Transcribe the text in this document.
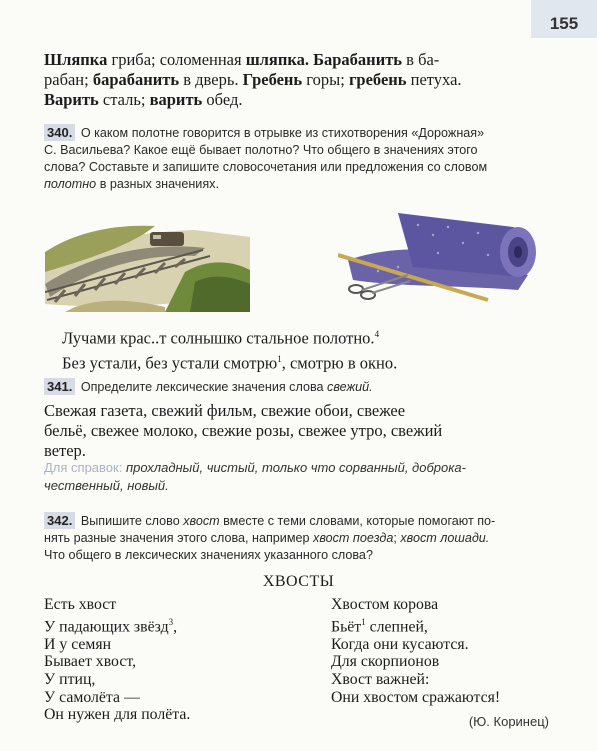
155
Шляпка гриба; соломенная шляпка. Барабанить в ба-
рабан; барабанить в дверь. Гребень горы; гребень петуха.
Варить сталь; варить обед.
340. О каком полотне говорится в отрывке из стихотворения «Дорожная»
С. Васильева? Какое ещё бывает полотно? Что общего в значениях этого
слова? Составьте и запишите словосочетания или предложения со словом
полотно в разных значениях.
Лучами крас..т солнышко стальное полотно.$^4$
Без устали, без устали смотрю$^1$, смотрю в окно.
341. Определите лексические значения слова свежий.
Свежая газета, свежий фильм, свежие обои, свежее
бельё, свежее молоко, свежие розы, свежее утро, свежий
ветер.
Для справок: прохладный, чистый, только что сорванный, доброка-
чественный, новый.
342. Выпишите слово хвост вместе с теми словами, которые помогают по-
нять разные значения этого слова, например хвост поезда; хвост лошади.
Что общего в лексических значениях указанного слова?
ХВОСТЫ
Есть хвост
У падающих звёзд$^3$,
И у семян
Бывает хвост,
У птиц,
У самолёта —
Он нужен для полёта.
Хвостом корова
Бьёт$^1$ слепней,
Когда они кусаются.
Для скорпионов
Хвост важней:
Они хвостом сражаются!
(Ю. Коринец)
